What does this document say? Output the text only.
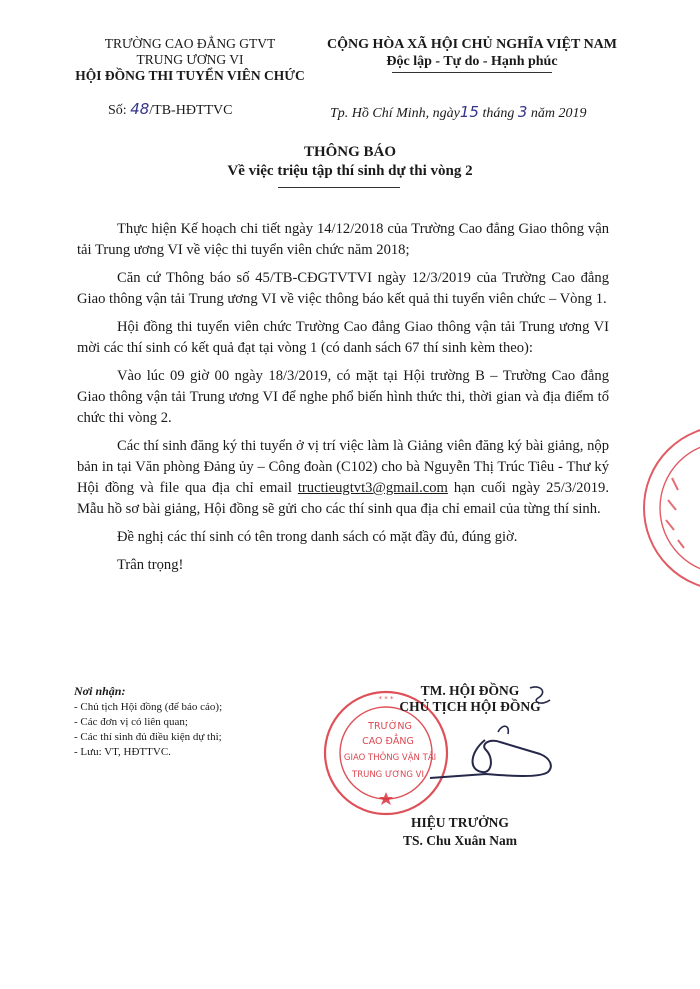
TRƯỜNG CAO ĐẲNG GTVT
TRUNG ƯƠNG VI
HỘI ĐỒNG THI TUYỂN VIÊN CHỨC
CỘNG HÒA XÃ HỘI CHỦ NGHĨA VIỆT NAM
Độc lập - Tự do - Hạnh phúc
Số: 48/TB-HĐTTVC	Tp. Hồ Chí Minh, ngày15 tháng 3 năm 2019
THÔNG BÁO
Về việc triệu tập thí sinh dự thi vòng 2

Thực hiện Kế hoạch chi tiết ngày 14/12/2018 của Trường Cao đẳng Giao thông vận tải Trung ương VI về việc thi tuyển viên chức năm 2018;

Căn cứ Thông báo số 45/TB-CĐGTVTVI ngày 12/3/2019 của Trường Cao đẳng Giao thông vận tải Trung ương VI về việc thông báo kết quả thi tuyển viên chức – Vòng 1.

Hội đồng thi tuyển viên chức Trường Cao đẳng Giao thông vận tải Trung ương VI mời các thí sinh có kết quả đạt tại vòng 1 (có danh sách 67 thí sinh kèm theo):

Vào lúc 09 giờ 00 ngày 18/3/2019, có mặt tại Hội trường B – Trường Cao đẳng Giao thông vận tải Trung ương VI để nghe phổ biến hình thức thi, thời gian và địa điểm tổ chức thi vòng 2.

Các thí sinh đăng ký thi tuyển ở vị trí việc làm là Giảng viên đăng ký bài giảng, nộp bản in tại Văn phòng Đảng ủy – Công đoàn (C102) cho bà Nguyễn Thị Trúc Tiêu - Thư ký Hội đồng và file qua địa chỉ email tructieugtvt3@gmail.com hạn cuối ngày 25/3/2019. Mẫu hồ sơ bài giảng, Hội đồng sẽ gửi cho các thí sinh qua địa chỉ email của từng thí sinh.

Đề nghị các thí sinh có tên trong danh sách có mặt đầy đủ, đúng giờ.

Trân trọng!

Nơi nhận:
- Chủ tịch Hội đồng (để báo cáo);
- Các đơn vị có liên quan;
- Các thí sinh đủ điều kiện dự thi;
- Lưu: VT, HĐTTVC.
* * *
TRƯỜNG
CAO ĐẲNG
GIAO THÔNG VẬN TẢI
TRUNG ƯƠNG VI
TM. HỘI ĐỒNG
CHỦ TỊCH HỘI ĐỒNG
HIỆU TRƯỞNG
TS. Chu Xuân Nam
